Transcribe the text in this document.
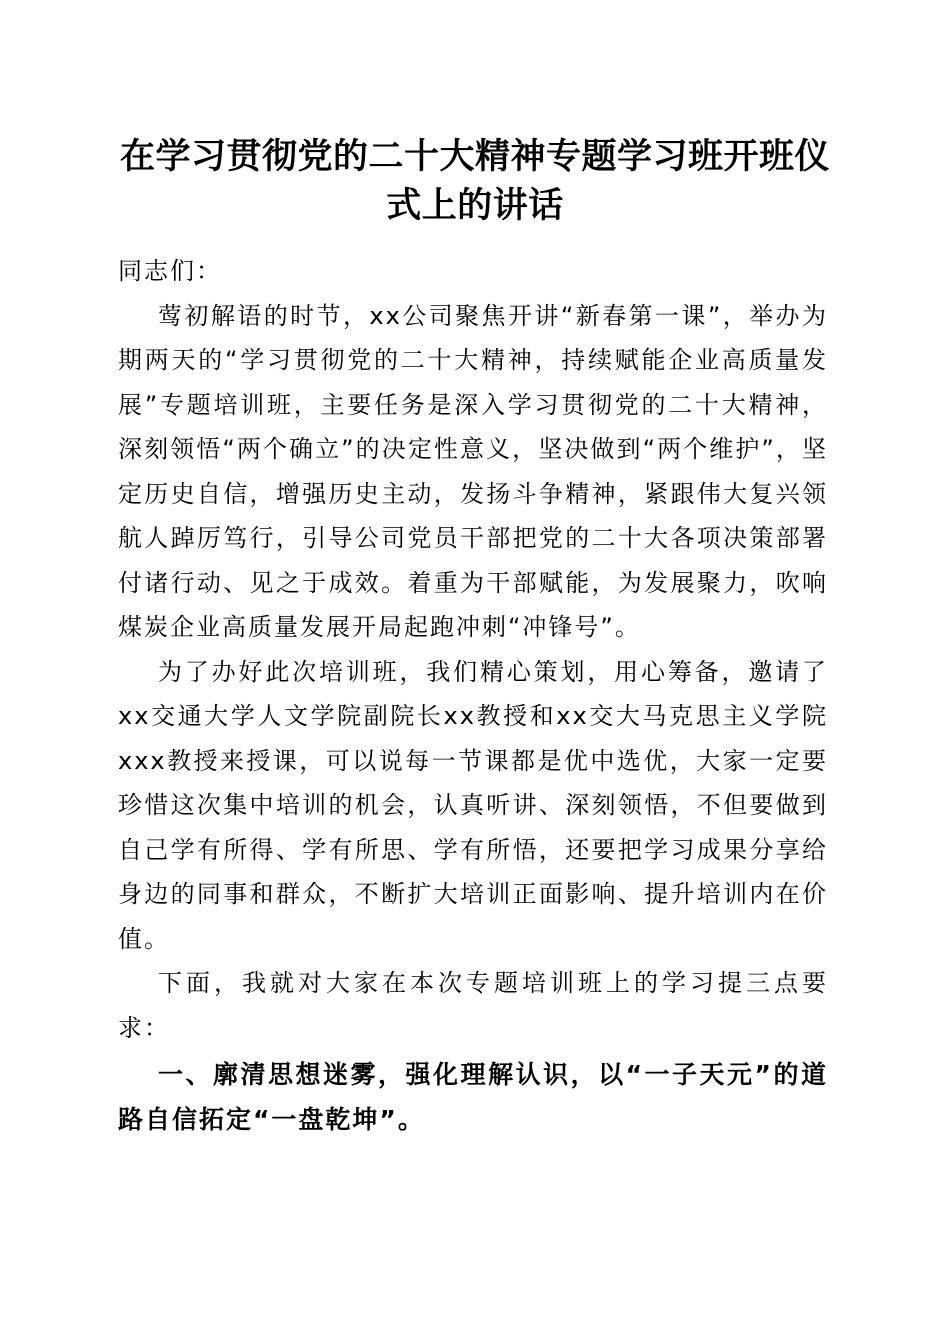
在学习贯彻党的二十大精神专题学习班开班仪式上的讲话

同志们：

莺初解语的时节，xx公司聚焦开讲“新春第一课”，举办为期两天的“学习贯彻党的二十大精神，持续赋能企业高质量发展”专题培训班，主要任务是深入学习贯彻党的二十大精神，深刻领悟“两个确立”的决定性意义，坚决做到“两个维护”，坚定历史自信，增强历史主动，发扬斗争精神，紧跟伟大复兴领航人踔厉笃行，引导公司党员干部把党的二十大各项决策部署付诸行动、见之于成效。着重为干部赋能，为发展聚力，吹响煤炭企业高质量发展开局起跑冲刺“冲锋号”。

为了办好此次培训班，我们精心策划，用心筹备，邀请了xx交通大学人文学院副院长xx教授和xx交大马克思主义学院xxx教授来授课，可以说每一节课都是优中选优，大家一定要珍惜这次集中培训的机会，认真听讲、深刻领悟，不但要做到自己学有所得、学有所思、学有所悟，还要把学习成果分享给身边的同事和群众，不断扩大培训正面影响、提升培训内在价值。

下面，我就对大家在本次专题培训班上的学习提三点要求：

一、廓清思想迷雾，强化理解认识，以“一子天元”的道路自信拓定“一盘乾坤”。
